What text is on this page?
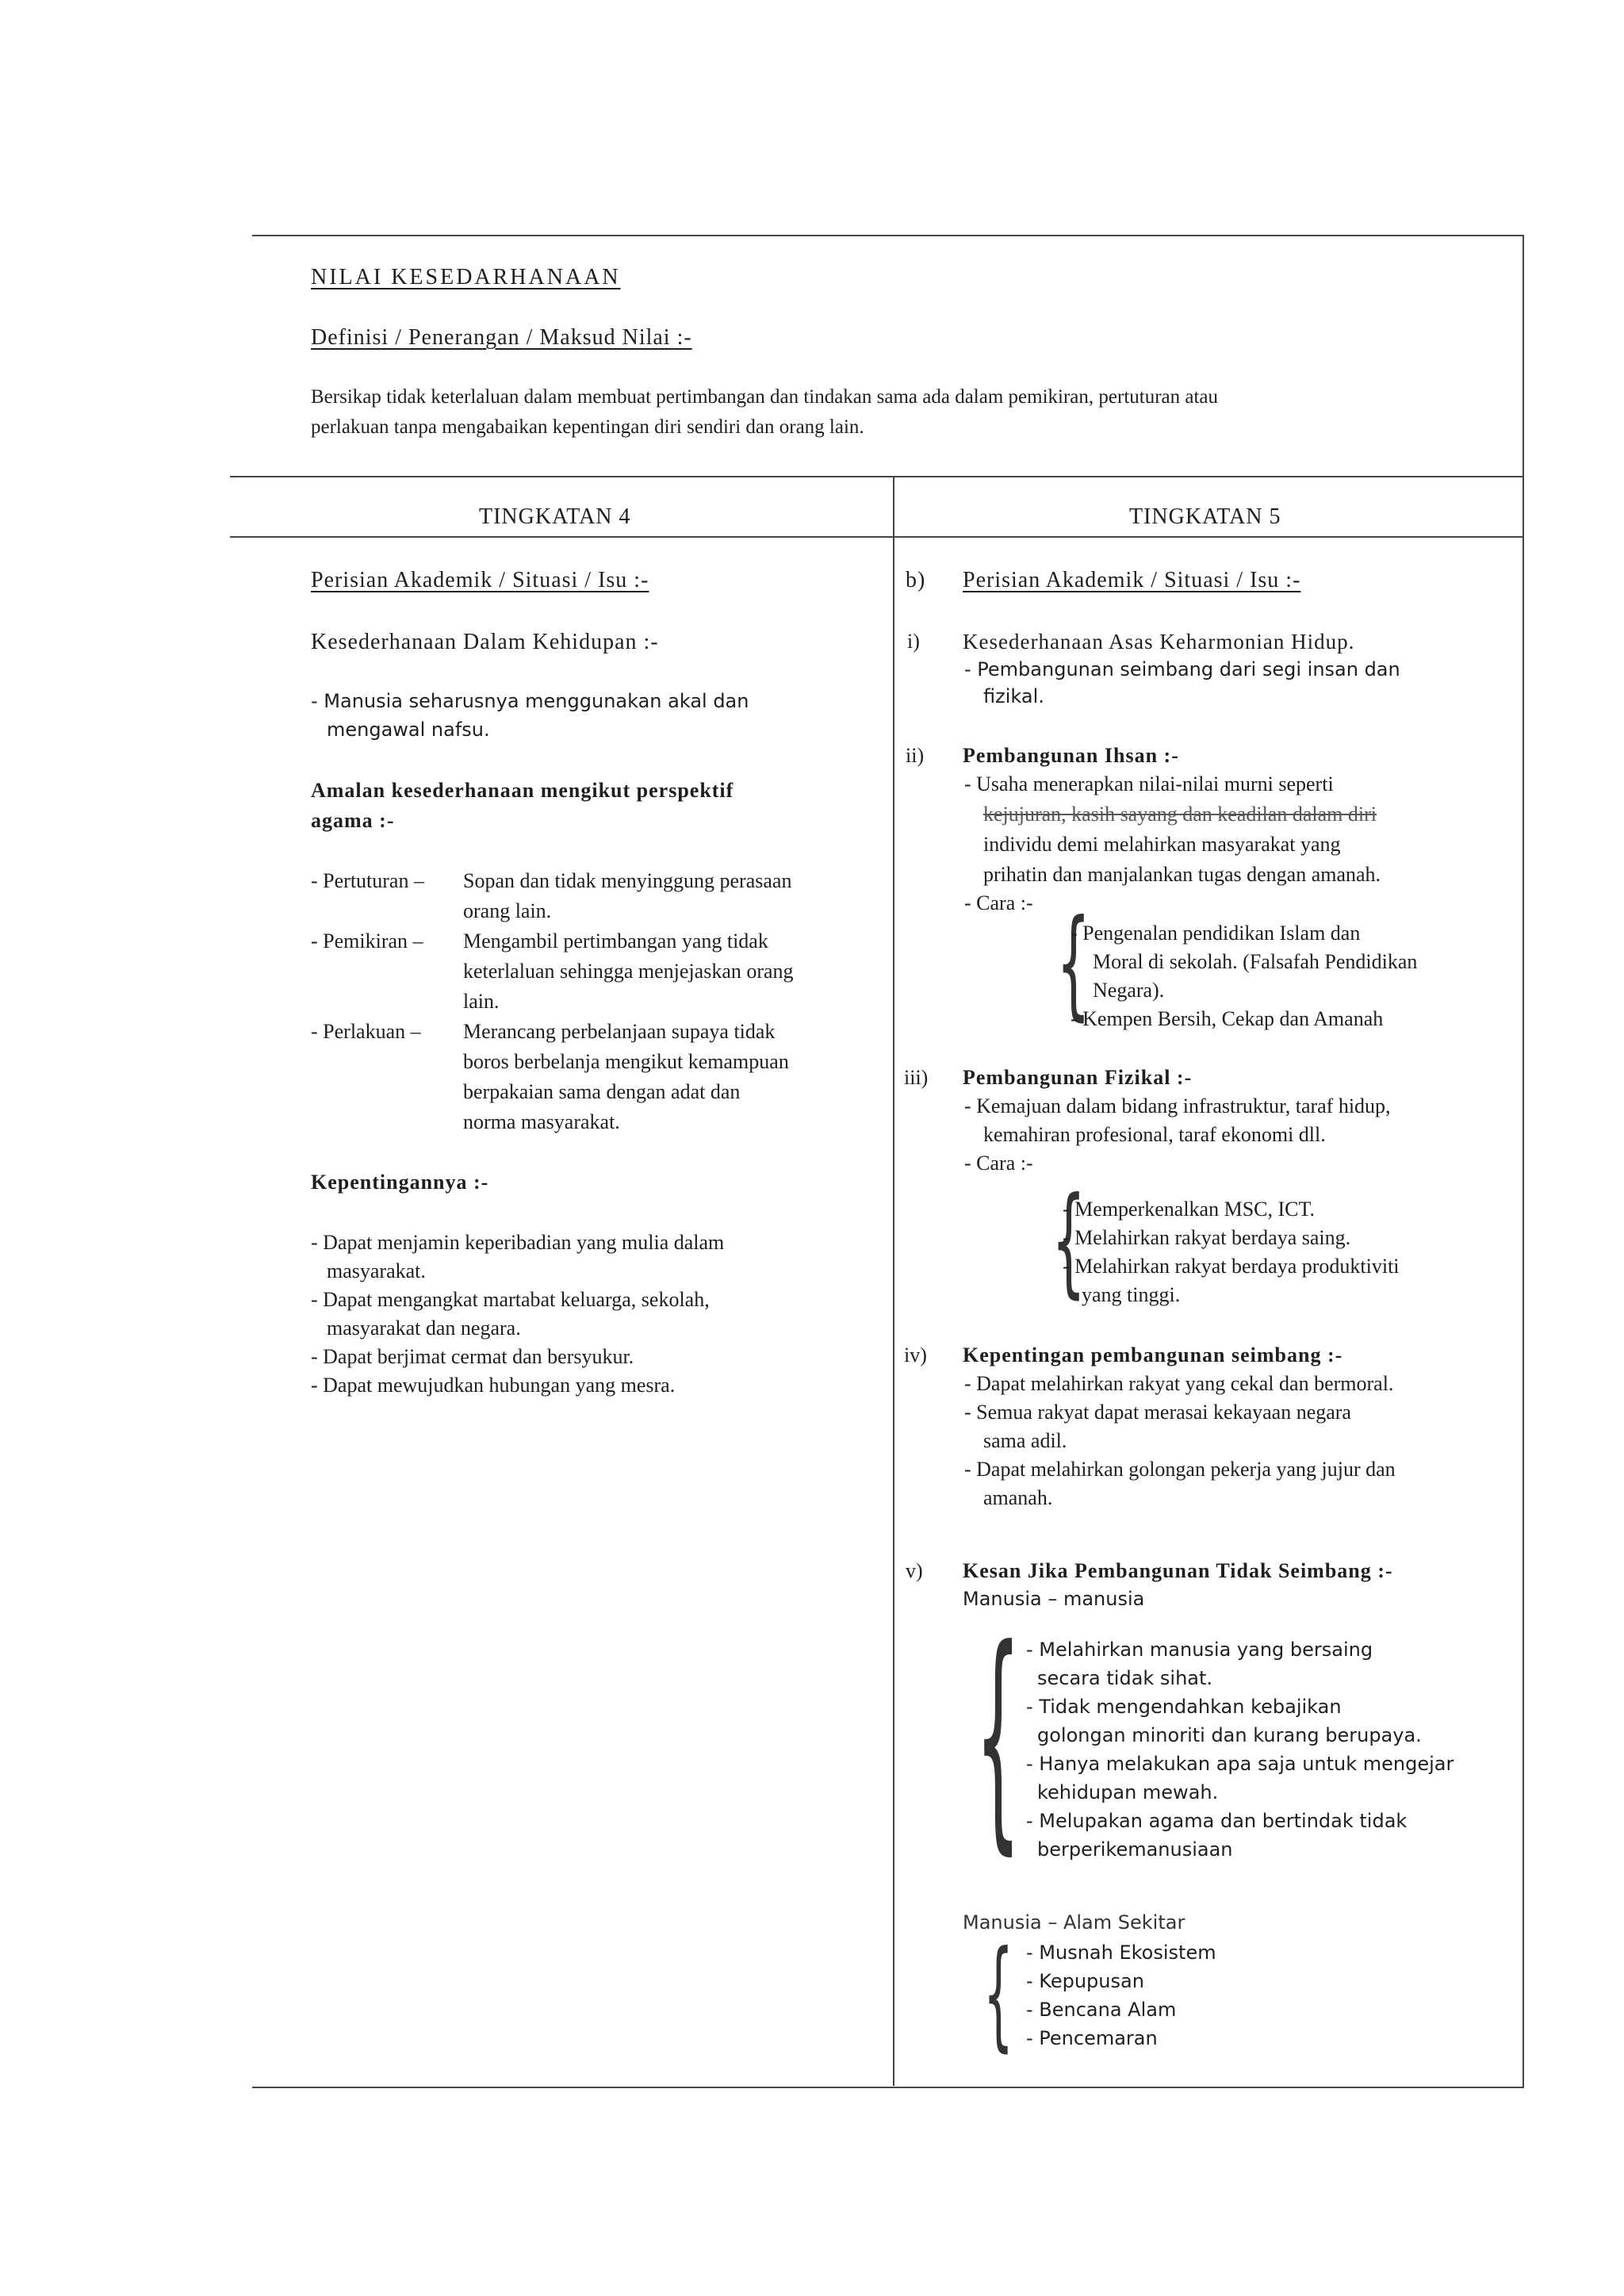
NILAI KESEDARHANAAN
Definisi / Penerangan / Maksud Nilai :-
Bersikap tidak keterlaluan dalam membuat pertimbangan dan tindakan sama ada dalam pemikiran, pertuturan atau
perlakuan tanpa mengabaikan kepentingan diri sendiri dan orang lain.
TINGKATAN 4	TINGKATAN 5
Perisian Akademik / Situasi / Isu :-
Kesederhanaan Dalam Kehidupan :-
- Manusia seharusnya menggunakan akal dan
mengawal nafsu.
Amalan kesederhanaan mengikut perspektif
agama :-
- Pertuturan – Sopan dan tidak menyinggung perasaan
orang lain.
- Pemikiran – Mengambil pertimbangan yang tidak
keterlaluan sehingga menjejaskan orang
lain.
- Perlakuan – Merancang perbelanjaan supaya tidak
boros berbelanja mengikut kemampuan
berpakaian sama dengan adat dan
norma masyarakat.
Kepentingannya :-
- Dapat menjamin keperibadian yang mulia dalam
masyarakat.
- Dapat mengangkat martabat keluarga, sekolah,
masyarakat dan negara.
- Dapat berjimat cermat dan bersyukur.
- Dapat mewujudkan hubungan yang mesra.
b) Perisian Akademik / Situasi / Isu :-
i) Kesederhanaan Asas Keharmonian Hidup.
- Pembangunan seimbang dari segi insan dan
fizikal.
ii) Pembangunan Ihsan :-
- Usaha menerapkan nilai-nilai murni seperti
kejujuran, kasih sayang dan keadilan dalam diri
individu demi melahirkan masyarakat yang
prihatin dan manjalankan tugas dengan amanah.
- Cara :- {
- Pengenalan pendidikan Islam dan
Moral di sekolah. (Falsafah Pendidikan
Negara).
- Kempen Bersih, Cekap dan Amanah
iii) Pembangunan Fizikal :-
- Kemajuan dalam bidang infrastruktur, taraf hidup,
kemahiran profesional, taraf ekonomi dll.
- Cara :-
{
- Memperkenalkan MSC, ICT.
- Melahirkan rakyat berdaya saing.
- Melahirkan rakyat berdaya produktiviti
yang tinggi.
iv) Kepentingan pembangunan seimbang :-
- Dapat melahirkan rakyat yang cekal dan bermoral.
- Semua rakyat dapat merasai kekayaan negara
sama adil.
- Dapat melahirkan golongan pekerja yang jujur dan
amanah.
v) Kesan Jika Pembangunan Tidak Seimbang :-
Manusia – manusia
{ - Melahirkan manusia yang bersaing
secara tidak sihat.
- Tidak mengendahkan kebajikan
golongan minoriti dan kurang berupaya.
- Hanya melakukan apa saja untuk mengejar
kehidupan mewah.
- Melupakan agama dan bertindak tidak
berperikemanusiaan
Manusia – Alam Sekitar
{ - Musnah Ekosistem
- Kepupusan
- Bencana Alam
- Pencemaran
